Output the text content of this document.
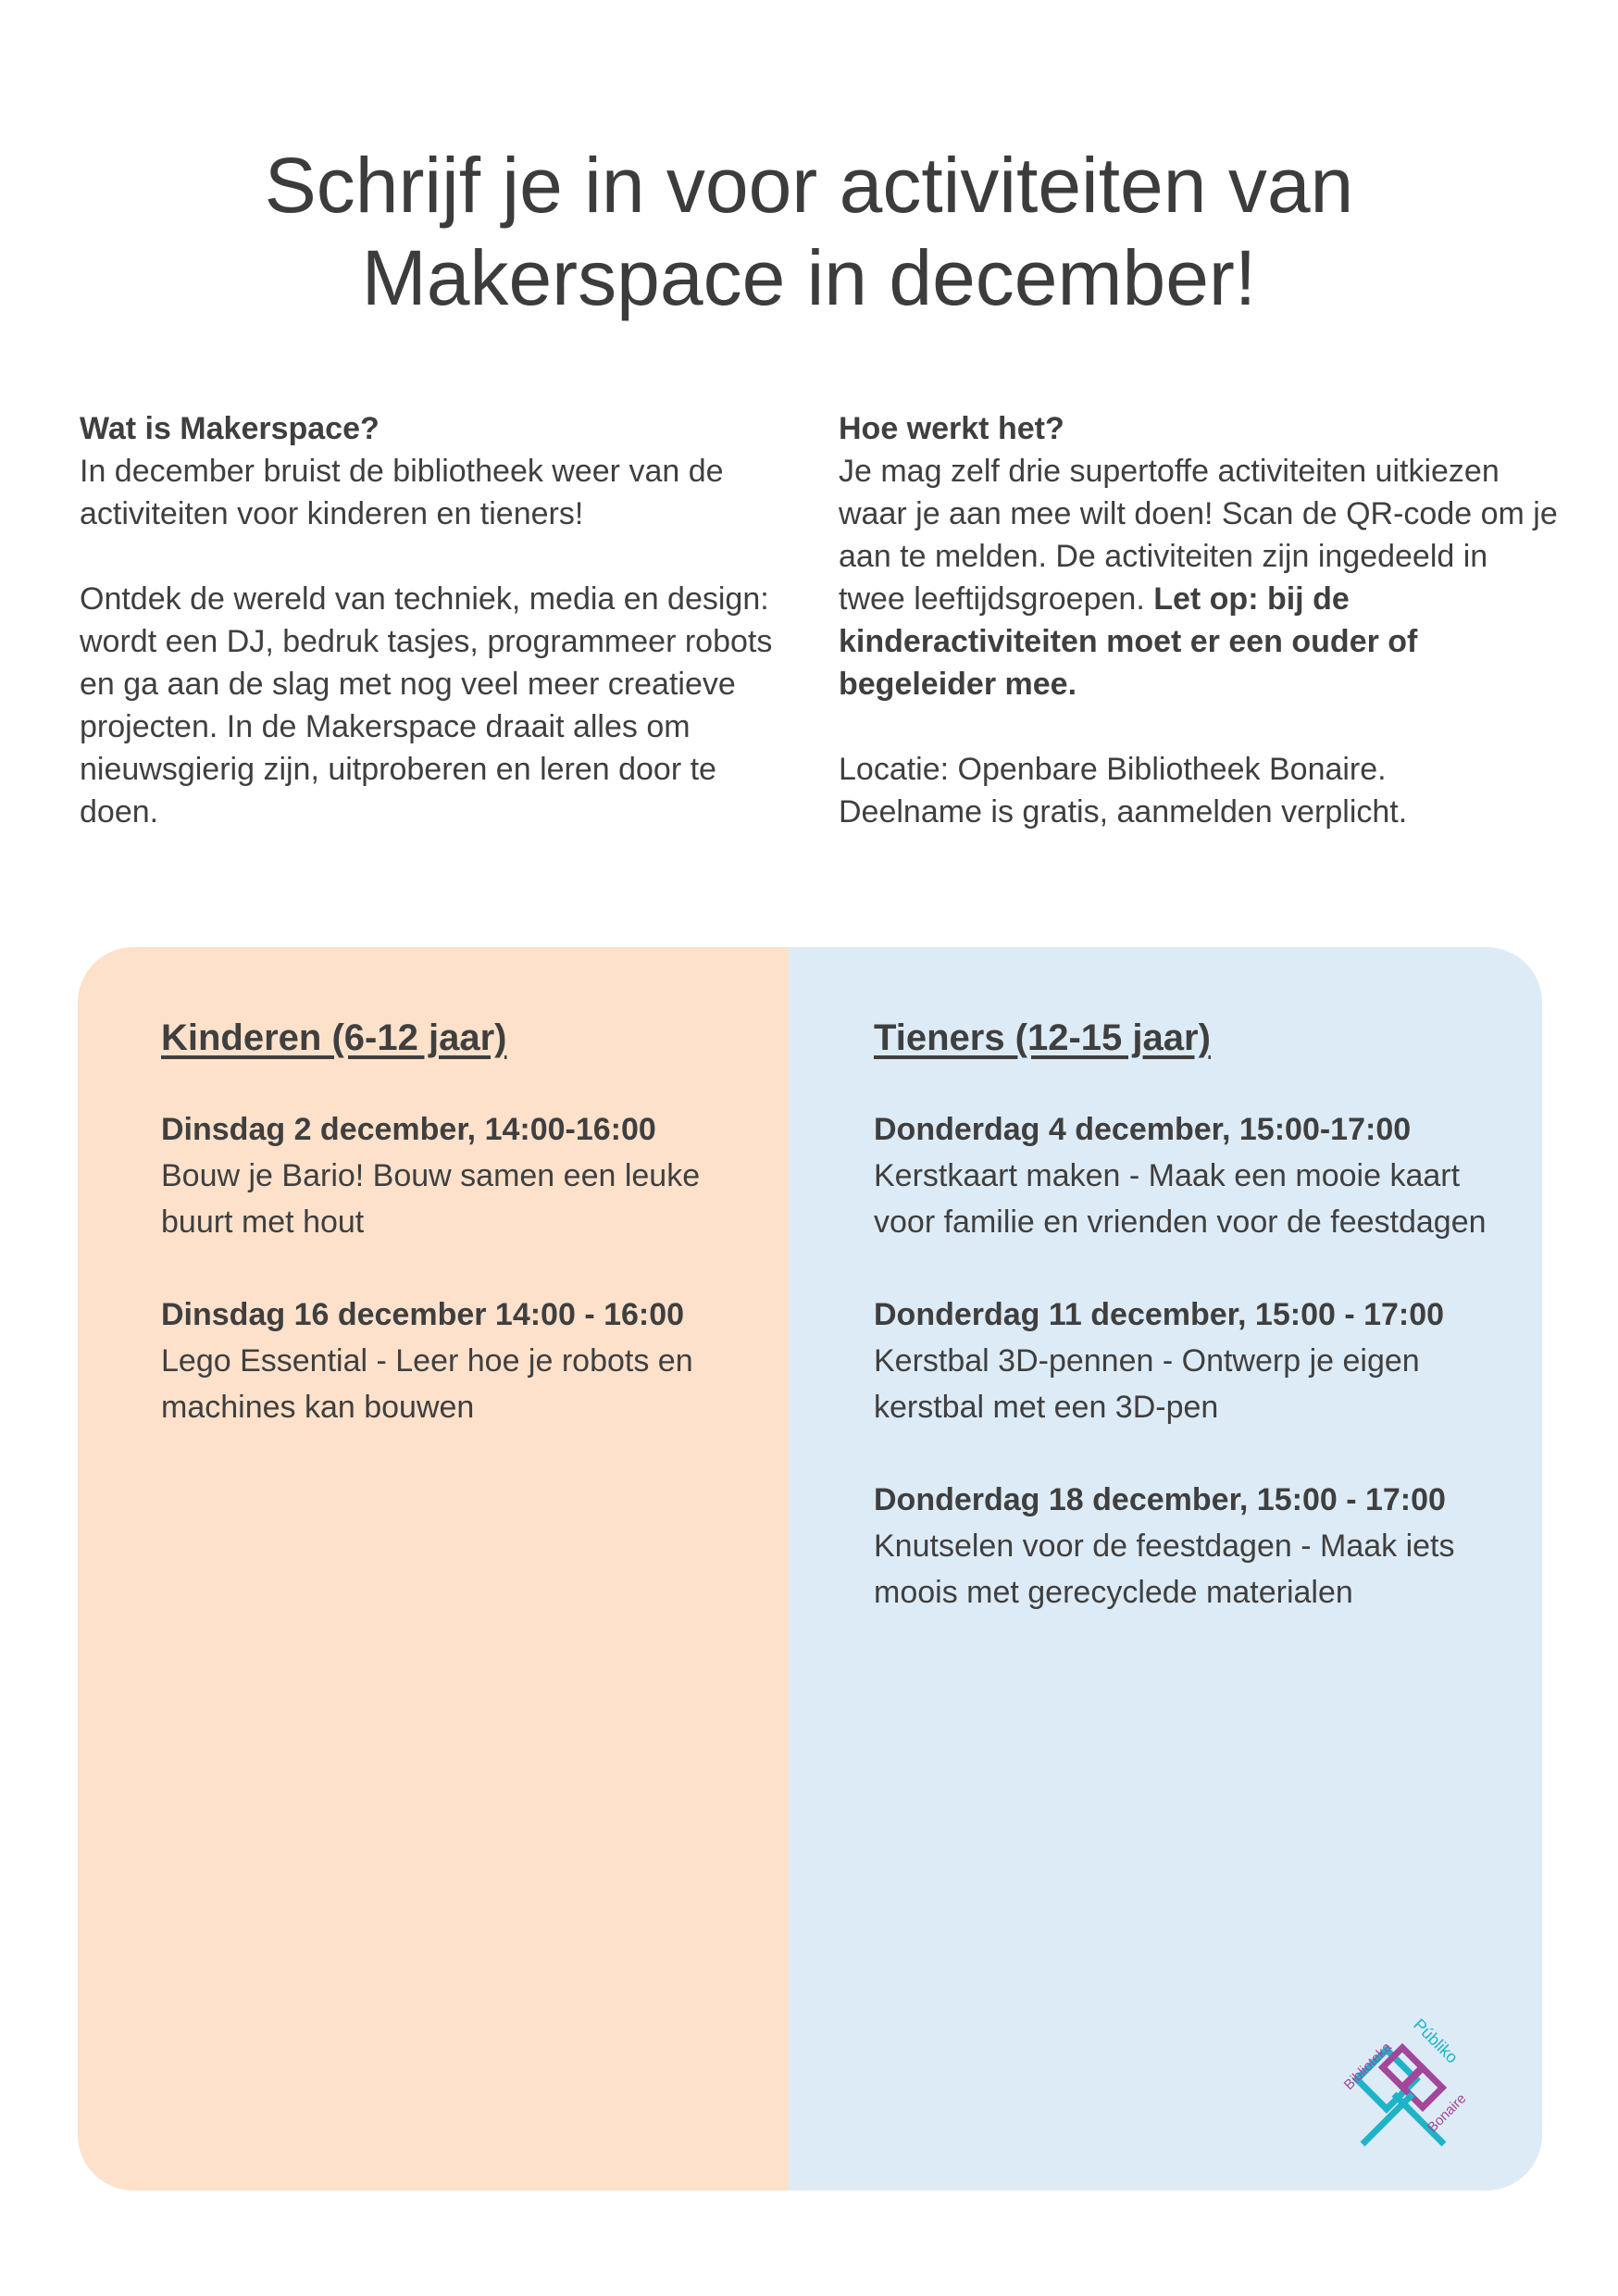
Schrijf je in voor activiteiten van
Makerspace in december!
Wat is Makerspace?

In december bruist de bibliotheek weer van de activiteiten voor kinderen en tieners!

Ontdek de wereld van techniek, media en design: wordt een DJ, bedruk tasjes, programmeer robots en ga aan de slag met nog veel meer creatieve projecten. In de Makerspace draait alles om nieuwsgierig zijn, uitproberen en leren door te doen.

Hoe werkt het?

Je mag zelf drie supertoffe activiteiten uitkiezen waar je aan mee wilt doen! Scan de QR-code om je aan te melden. De activiteiten zijn ingedeeld in twee leeftijdsgroepen. Let op: bij de kinderactiviteiten moet er een ouder of begeleider mee.

Locatie: Openbare Bibliotheek Bonaire.

Deelname is gratis, aanmelden verplicht.

Kinderen (6-12 jaar)
Dinsdag 2 december, 14:00-16:00
Bouw je Bario! Bouw samen een leuke buurt met hout
Dinsdag 16 december 14:00 - 16:00
Lego Essential - Leer hoe je robots en machines kan bouwen
Tieners (12-15 jaar)
Donderdag 4 december, 15:00-17:00
Kerstkaart maken - Maak een mooie kaart voor familie en vrienden voor de feestdagen
Donderdag 11 december, 15:00 - 17:00
Kerstbal 3D-pennen - Ontwerp je eigen kerstbal met een 3D-pen
Donderdag 18 december, 15:00 - 17:00
Knutselen voor de feestdagen - Maak iets moois met gerecyclede materialen
Biblioteka Públiko
Bonaire
